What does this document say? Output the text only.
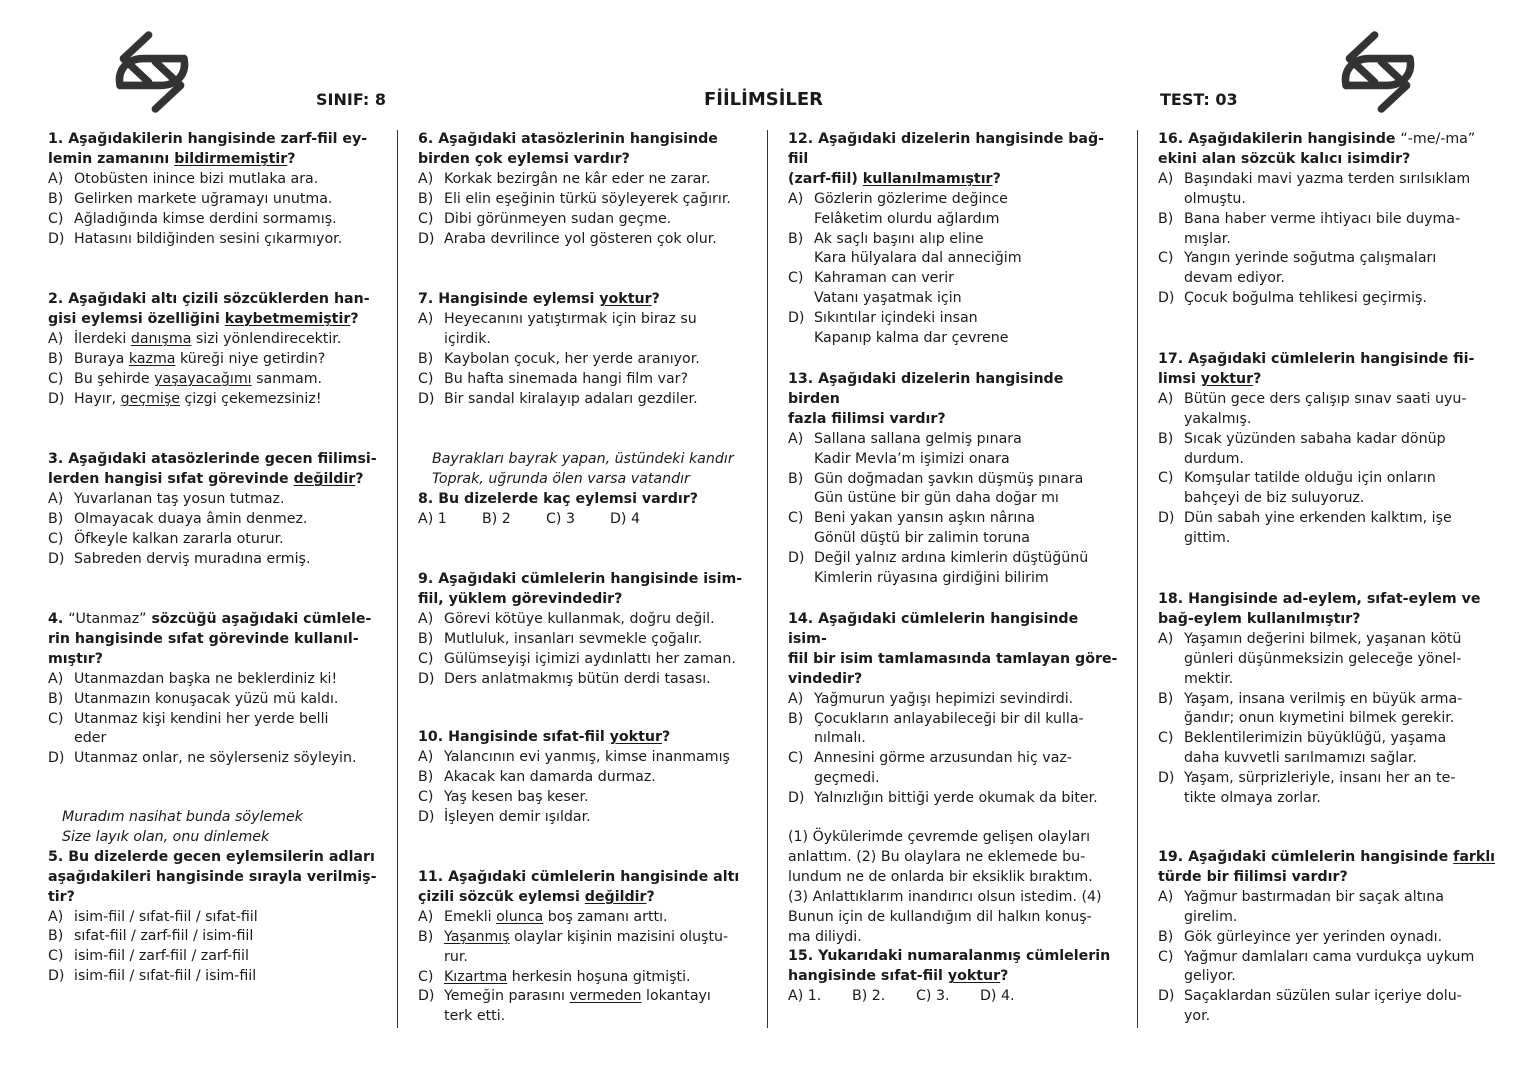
SINIF: 8	FİİLİMSİLER	TEST: 03
1. Aşağıdakilerin hangisinde zarf-fiil ey-
lemin zamanını bildirmemiştir?
A) Otobüsten inince bizi mutlaka ara.
B) Gelirken markete uğramayı unutma.
C) Ağladığında kimse derdini sormamış.
D) Hatasını bildiğinden sesini çıkarmıyor.
2. Aşağıdaki altı çizili sözcüklerden han-
gisi eylemsi özelliğini kaybetmemiştir?
A) İlerdeki danışma sizi yönlendirecektir.
B) Buraya kazma küreği niye getirdin?
C) Bu şehirde yaşayacağımı sanmam.
D) Hayır, geçmişe çizgi çekemezsiniz!
3. Aşağıdaki atasözlerinde gecen fiilimsi-
lerden hangisi sıfat görevinde değildir?
A) Yuvarlanan taş yosun tutmaz.
B) Olmayacak duaya âmin denmez.
C) Öfkeyle kalkan zararla oturur.
D) Sabreden derviş muradına ermiş.
4. “Utanmaz” sözcüğü aşağıdaki cümlele-
rin hangisinde sıfat görevinde kullanıl-
mıştır?
A) Utanmazdan başka ne beklerdiniz ki!
B) Utanmazın konuşacak yüzü mü kaldı.
C) Utanmaz kişi kendini her yerde belli
eder
D) Utanmaz onlar, ne söylerseniz söyleyin.
Muradım nasihat bunda söylemek
Size layık olan, onu dinlemek
5. Bu dizelerde gecen eylemsilerin adları
aşağıdakileri hangisinde sırayla verilmiş-
tir?
A) isim-fiil / sıfat-fiil / sıfat-fiil
B) sıfat-fiil / zarf-fiil / isim-fiil
C) isim-fiil / zarf-fiil / zarf-fiil
D) isim-fiil / sıfat-fiil / isim-fiil
6. Aşağıdaki atasözlerinin hangisinde
birden çok eylemsi vardır?
A) Korkak bezirgân ne kâr eder ne zarar.
B) Eli elin eşeğinin türkü söyleyerek çağırır.
C) Dibi görünmeyen sudan geçme.
D) Araba devrilince yol gösteren çok olur.
7. Hangisinde eylemsi yoktur?
A) Heyecanını yatıştırmak için biraz su
içirdik.
B) Kaybolan çocuk, her yerde aranıyor.
C) Bu hafta sinemada hangi film var?
D) Bir sandal kiralayıp adaları gezdiler.
Bayrakları bayrak yapan, üstündeki kandır
Toprak, uğrunda ölen varsa vatandır
8. Bu dizelerde kaç eylemsi vardır?
A) 1	B) 2	C) 3	D) 4
9. Aşağıdaki cümlelerin hangisinde isim-
fiil, yüklem görevindedir?
A) Görevi kötüye kullanmak, doğru değil.
B) Mutluluk, insanları sevmekle çoğalır.
C) Gülümseyişi içimizi aydınlattı her zaman.
D) Ders anlatmakmış bütün derdi tasası.
10. Hangisinde sıfat-fiil yoktur?
A) Yalancının evi yanmış, kimse inanmamış
B) Akacak kan damarda durmaz.
C) Yaş kesen baş keser.
D) İşleyen demir ışıldar.
11. Aşağıdaki cümlelerin hangisinde altı
çizili sözcük eylemsi değildir?
A) Emekli olunca boş zamanı arttı.
B) Yaşanmış olaylar kişinin mazisini oluştu-
rur.
C) Kızartma herkesin hoşuna gitmişti.
D) Yemeğin parasını vermeden lokantayı
terk etti.
12. Aşağıdaki dizelerin hangisinde bağ-fiil
(zarf-fiil) kullanılmamıştır?
A) Gözlerin gözlerime değince
Felâketim olurdu ağlardım
B) Ak saçlı başını alıp eline
Kara hülyalara dal anneciğim
C) Kahraman can verir
Vatanı yaşatmak için
D) Sıkıntılar içindeki insan
Kapanıp kalma dar çevrene
13. Aşağıdaki dizelerin hangisinde birden
fazla fiilimsi vardır?
A) Sallana sallana gelmiş pınara
Kadir Mevla’m işimizi onara
B) Gün doğmadan şavkın düşmüş pınara
Gün üstüne bir gün daha doğar mı
C) Beni yakan yansın aşkın nârına
Gönül düştü bir zalimin toruna
D) Değil yalnız ardına kimlerin düştüğünü
Kimlerin rüyasına girdiğini bilirim
14. Aşağıdaki cümlelerin hangisinde isim-
fiil bir isim tamlamasında tamlayan göre-
vindedir?
A) Yağmurun yağışı hepimizi sevindirdi.
B) Çocukların anlayabileceği bir dil kulla-
nılmalı.
C) Annesini görme arzusundan hiç vaz-
geçmedi.
D) Yalnızlığın bittiği yerde okumak da biter.
(1) Öykülerimde çevremde gelişen olayları
anlattım. (2) Bu olaylara ne eklemede bu-
lundum ne de onlarda bir eksiklik bıraktım.
(3) Anlattıklarım inandırıcı olsun istedim. (4)
Bunun için de kullandığım dil halkın konuş-
ma diliydi.
15. Yukarıdaki numaralanmış cümlelerin
hangisinde sıfat-fiil yoktur?
A) 1.	B) 2.	C) 3.	D) 4.
16. Aşağıdakilerin hangisinde “-me/-ma”
ekini alan sözcük kalıcı isimdir?
A) Başındaki mavi yazma terden sırılsıklam
olmuştu.
B) Bana haber verme ihtiyacı bile duyma-
mışlar.
C) Yangın yerinde soğutma çalışmaları
devam ediyor.
D) Çocuk boğulma tehlikesi geçirmiş.
17. Aşağıdaki cümlelerin hangisinde fii-
limsi yoktur?
A) Bütün gece ders çalışıp sınav saati uyu-
yakalmış.
B) Sıcak yüzünden sabaha kadar dönüp
durdum.
C) Komşular tatilde olduğu için onların
bahçeyi de biz suluyoruz.
D) Dün sabah yine erkenden kalktım, işe
gittim.
18. Hangisinde ad-eylem, sıfat-eylem ve
bağ-eylem kullanılmıştır?
A) Yaşamın değerini bilmek, yaşanan kötü
günleri düşünmeksizin geleceğe yönel-
mektir.
B) Yaşam, insana verilmiş en büyük arma-
ğandır; onun kıymetini bilmek gerekir.
C) Beklentilerimizin büyüklüğü, yaşama
daha kuvvetli sarılmamızı sağlar.
D) Yaşam, sürprizleriyle, insanı her an te-
tikte olmaya zorlar.
19. Aşağıdaki cümlelerin hangisinde farklı
türde bir fiilimsi vardır?
A) Yağmur bastırmadan bir saçak altına
girelim.
B) Gök gürleyince yer yerinden oynadı.
C) Yağmur damlaları cama vurdukça uykum
geliyor.
D) Saçaklardan süzülen sular içeriye dolu-
yor.
